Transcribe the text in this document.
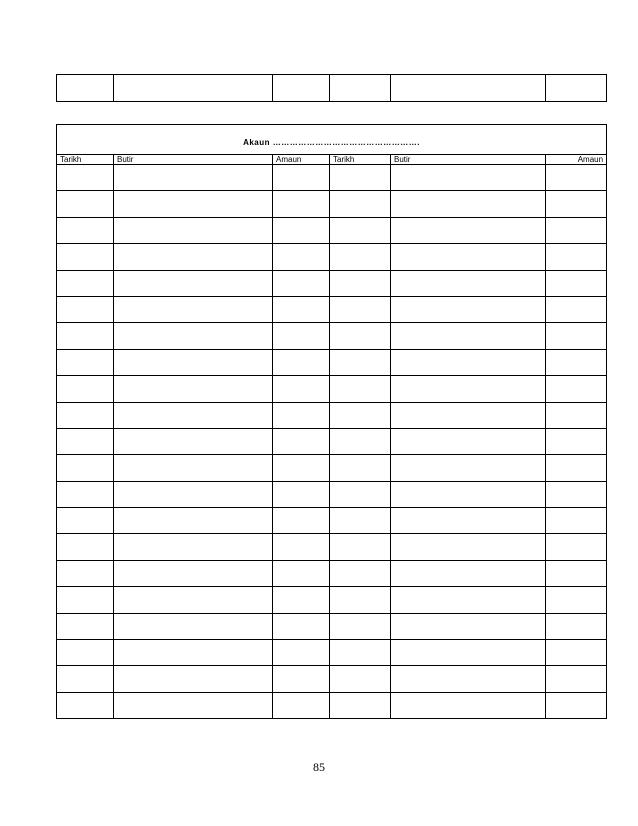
Akaun …………………………………………….					
Tarikh	Butir	Amaun	Tarikh	Butir	Amaun

85
